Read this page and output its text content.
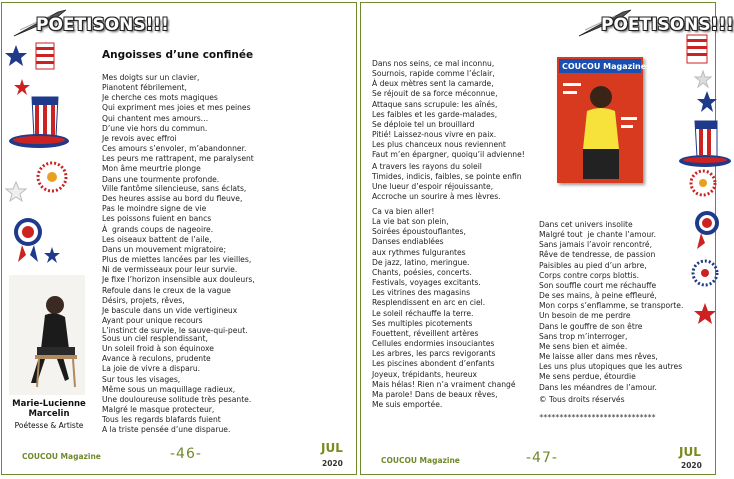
POETISONS!!!
Angoisses d’une confinée
Mes doigts sur un clavier,
Pianotent fébrilement,
Je cherche ces mots magiques
Qui expriment mes joies et mes peines
Qui chantent mes amours…
D’une vie hors du commun.
Je revois avec effroi
Ces amours s’envoler, m’abandonner.
Les peurs me rattrapent, me paralysent
Mon âme meurtrie plonge
Dans une tourmente profonde.
Ville fantôme silencieuse, sans éclats,
Des heures assise au bord du fleuve,
Pas le moindre signe de vie
Les poissons fuient en bancs
À  grands coups de nageoire.
Les oiseaux battent de l’aile,
Dans un mouvement migratoire;
Plus de miettes lancées par les vieilles,
Ni de vermisseaux pour leur survie.
Je fixe l’horizon insensible aux douleurs,
Refoule dans le creux de la vague
Désirs, projets, rêves,
Je bascule dans un vide vertigineux
Ayant pour unique recours
L’instinct de survie, le sauve-qui-peut.
Sous un ciel resplendissant,
Un soleil froid à son équinoxe
Avance à reculons, prudente
La joie de vivre a disparu.
Sur tous les visages,
Même sous un maquillage radieux,
Une douloureuse solitude très pesante.
Malgré le masque protecteur,
Tous les regards blafards fuient
A la triste pensée d’une disparue.
Marie-Lucienne Marcelin
Poétesse & Artiste
COUCOU Magazine	-46-	JUL
2020
POETISONS!!!
Dans nos seins, ce mal inconnu,
Sournois, rapide comme l’éclair,
À deux mètres sent la camarde,
Se réjouit de sa force méconnue,
Attaque sans scrupule: les aînés,
Les faibles et les garde-malades,
Se déploie tel un brouillard
Pitié! Laissez-nous vivre en paix.
Les plus chanceux nous reviennent
Faut m’en épargner, quoiqu’il advienne!
A travers les rayons du soleil
Timides, indicis, faibles, se pointe enfin
Une lueur d’espoir réjouissante,
Accroche un sourire à mes lèvres.
Ca va bien aller!
La vie bat son plein,
Soirées époustouflantes,
Danses endiablées
aux rythmes fulgurantes
De jazz, latino, meringue.
Chants, poésies, concerts.
Festivals, voyages excitants.
Les vitrines des magasins
Resplendissent en arc en ciel.
Le soleil réchauffe la terre.
Ses multiples picotements
Fouettent, réveillent artères
Cellules endormies insouciantes
Les arbres, les parcs revigorants
Les piscines abondent d’enfants
Joyeux, trépidants, heureux
Mais hélas! Rien n’a vraiment changé
Ma parole! Dans de beaux rêves,
Me suis emportée.
COUCOU Magazine
Dans cet univers insolite
Malgré tout  je chante l’amour.
Sans jamais l’avoir rencontré,
Rêve de tendresse, de passion
Paisibles au pied d’un arbre,
Corps contre corps blottis.
Son souffle court me réchauffe
De ses mains, à peine effleuré,
Mon corps s’enflamme, se transporte.
Un besoin de me perdre
Dans le gouffre de son être
Sans trop m’interroger,
Me sens bien et aimée.
Me laisse aller dans mes rêves,
Les uns plus utopiques que les autres
Me sens perdue, étourdie
Dans les méandres de l’amour.
© Tous droits réservés
*****************************
COUCOU Magazine	-47-	JUL
2020
